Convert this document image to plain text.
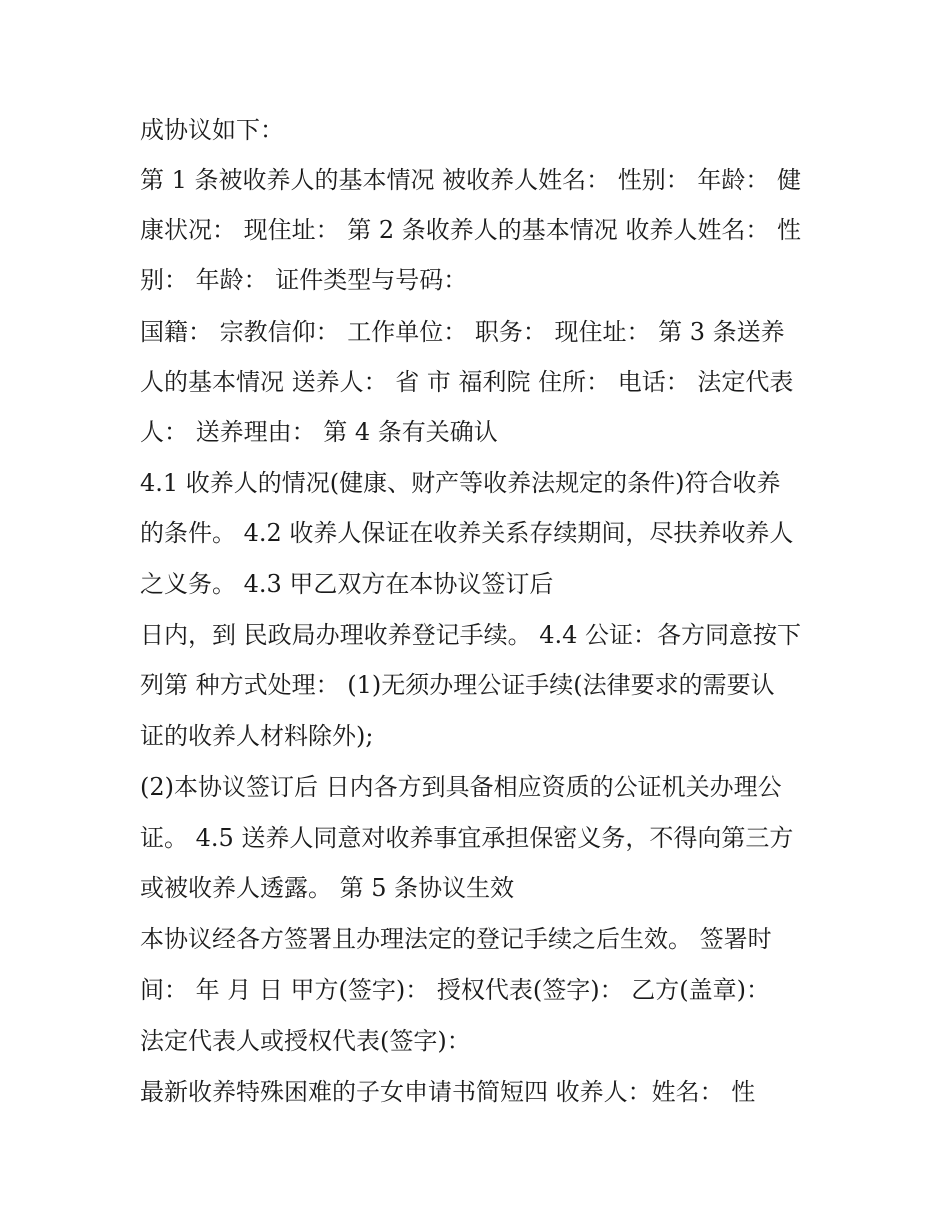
成协议如下：
第 1 条被收养人的基本情况 被收养人姓名： 性别： 年龄： 健
康状况： 现住址： 第 2 条收养人的基本情况 收养人姓名： 性
别： 年龄： 证件类型与号码：
国籍： 宗教信仰： 工作单位： 职务： 现住址： 第 3 条送养
人的基本情况 送养人： 省 市 福利院 住所： 电话： 法定代表
人： 送养理由： 第 4 条有关确认
4.1 收养人的情况(健康、财产等收养法规定的条件)符合收养
的条件。 4.2 收养人保证在收养关系存续期间，尽扶养收养人
之义务。 4.3 甲乙双方在本协议签订后
日内，到 民政局办理收养登记手续。 4.4 公证：各方同意按下
列第 种方式处理： (1)无须办理公证手续(法律要求的需要认
证的收养人材料除外);
(2)本协议签订后 日内各方到具备相应资质的公证机关办理公
证。 4.5 送养人同意对收养事宜承担保密义务，不得向第三方
或被收养人透露。 第 5 条协议生效
本协议经各方签署且办理法定的登记手续之后生效。 签署时
间： 年 月 日 甲方(签字)： 授权代表(签字)： 乙方(盖章)：
法定代表人或授权代表(签字)：
最新收养特殊困难的子女申请书简短四 收养人：姓名： 性
